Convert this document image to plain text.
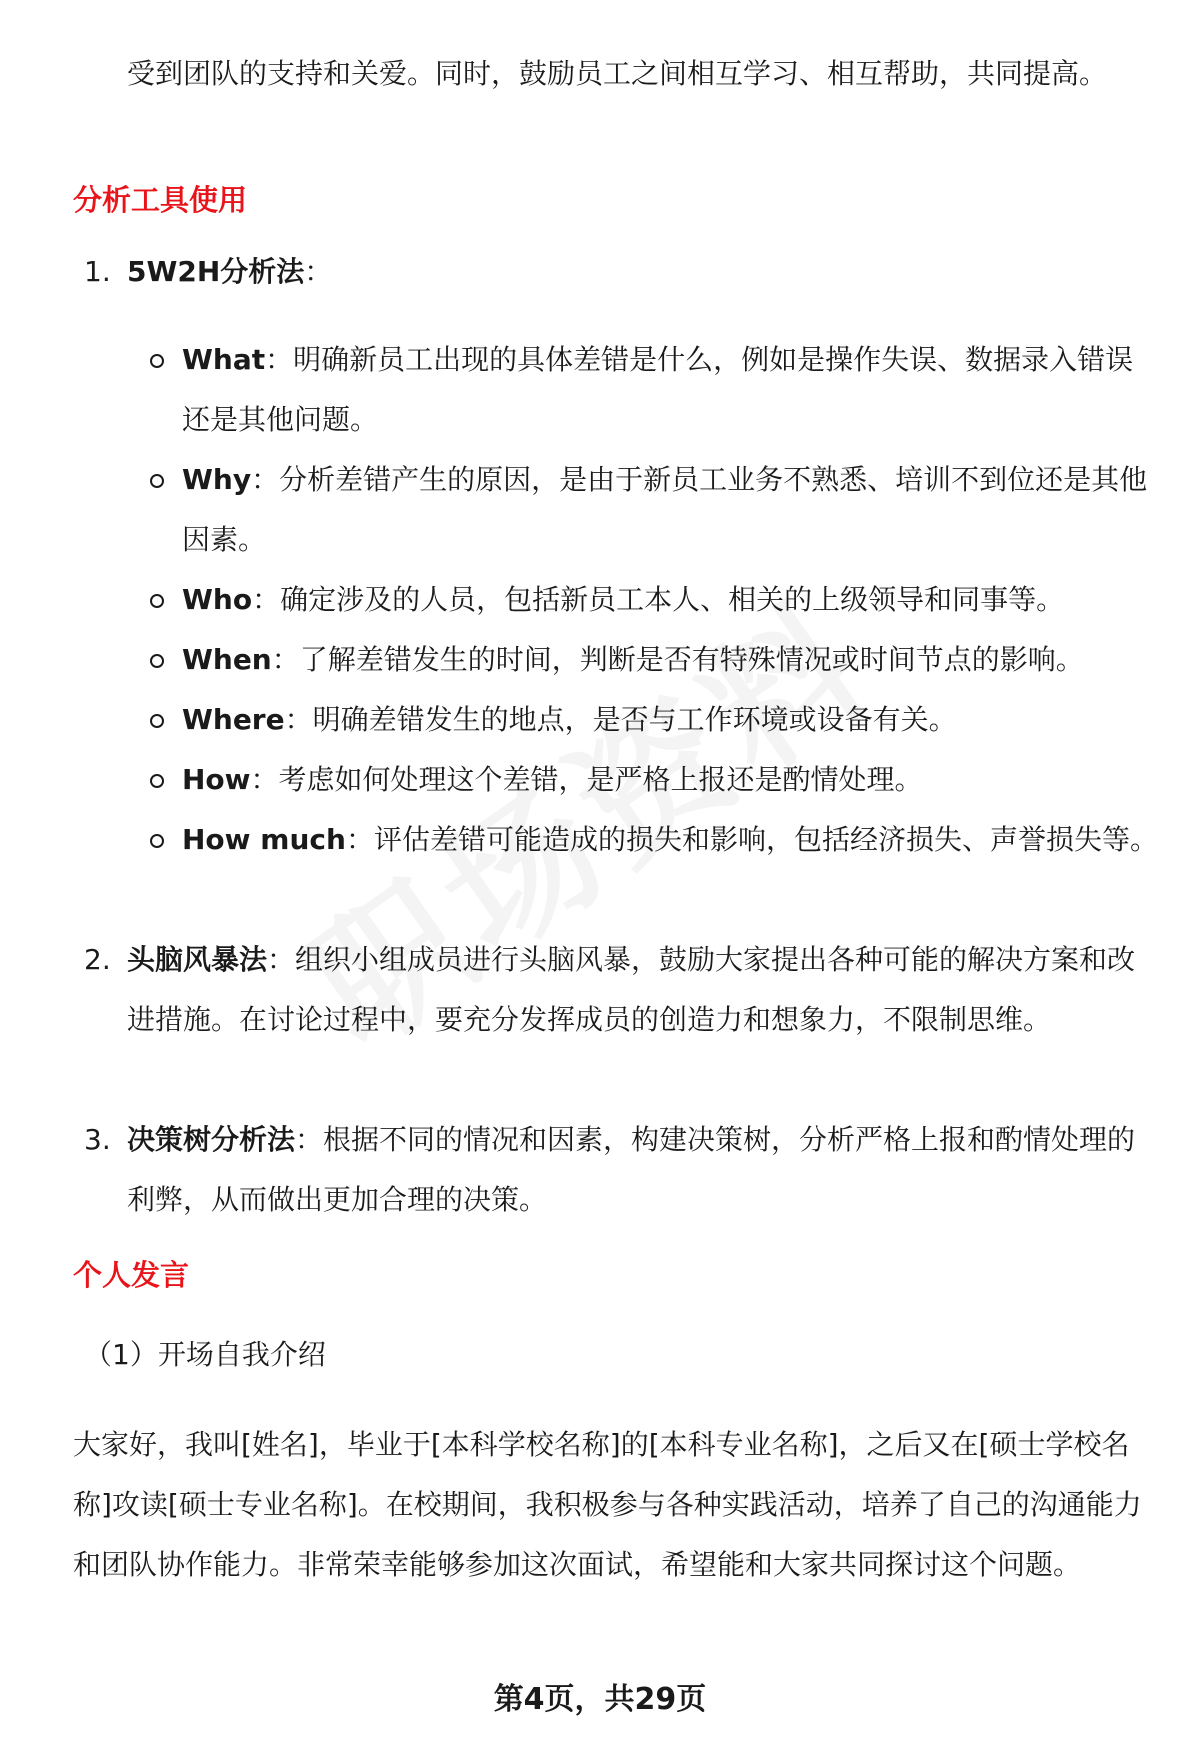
受到团队的支持和关爱。同时，鼓励员工之间相互学习、相互帮助，共同提高。

分析工具使用
1. 5W2H分析法：

What：明确新员工出现的具体差错是什么，例如是操作失误、数据录入错误还是其他问题。

Why：分析差错产生的原因，是由于新员工业务不熟悉、培训不到位还是其他因素。

Who：确定涉及的人员，包括新员工本人、相关的上级领导和同事等。

When：了解差错发生的时间，判断是否有特殊情况或时间节点的影响。

Where：明确差错发生的地点，是否与工作环境或设备有关。

How：考虑如何处理这个差错，是严格上报还是酌情处理。

How much：评估差错可能造成的损失和影响，包括经济损失、声誉损失等。

2. 头脑风暴法：组织小组成员进行头脑风暴，鼓励大家提出各种可能的解决方案和改进措施。在讨论过程中，要充分发挥成员的创造力和想象力，不限制思维。

3. 决策树分析法：根据不同的情况和因素，构建决策树，分析严格上报和酌情处理的利弊，从而做出更加合理的决策。

个人发言
（1）开场自我介绍

大家好，我叫[姓名]，毕业于[本科学校名称]的[本科专业名称]，之后又在[硕士学校名称]攻读[硕士专业名称]。在校期间，我积极参与各种实践活动，培养了自己的沟通能力和团队协作能力。非常荣幸能够参加这次面试，希望能和大家共同探讨这个问题。

第4页，共29页
